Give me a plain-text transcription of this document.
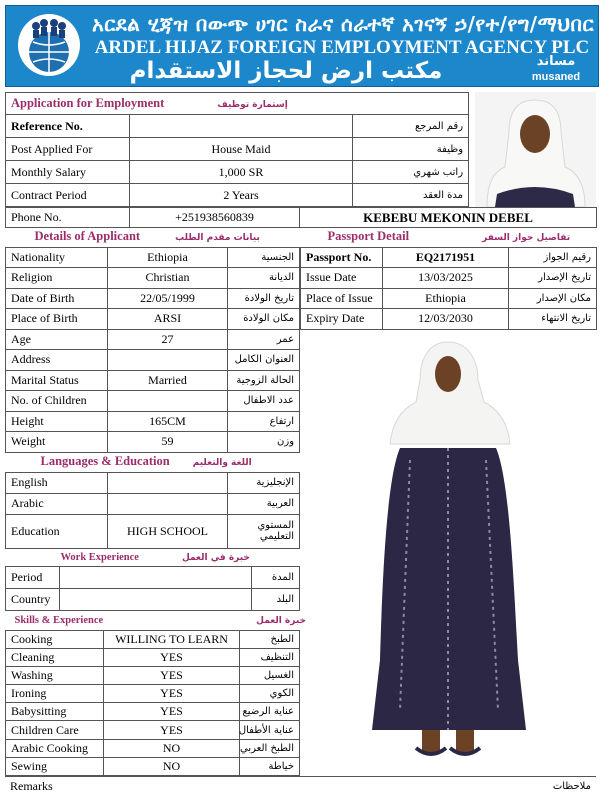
አርደል ሂጃዝ በውጭ ሀገር ስራና ሰራተኛ አገናኝ ኃ/የተ/የግ/ማህበር
ARDEL HIJAZ FOREIGN EMPLOYMENT AGENCY PLC
مكتب ارض لحجاز الاستقدام	مساند
musaned
Application for Employment إستمارة توظيف		
Reference No.		رقم المرجع
Post Applied For	House Maid	وظيفة
Monthly Salary	1,000 SR	راتب شهري
Contract Period	2 Years	مدة العقد
Phone No.	+251938560839	KEBEBU MEKONIN DEBEL
Details of Applicant بيانات مقدم الطلب		
Nationality	Ethiopia	الجنسية
Religion	Christian	الديانة
Date of Birth	22/05/1999	تاريخ الولادة
Place of Birth	ARSI	مكان الولادة
Age	27	عمر
Address		العنوان الكامل
Marital Status	Married	الحالة الزوجية
No. of Children		عدد الاطفال
Height	165CM	ارتفاع
Weight	59	وزن
Passport Detail تفاصيل جواز السفر		
Passport No.	EQ2171951	رقيم الجواز
Issue Date	13/03/2025	تاريخ الإصدار
Place of Issue	Ethiopia	مكان الإصدار
Expiry Date	12/03/2030	تاريخ الانتهاء
Languages & Education اللغة والتعليم		
English		الإنجليزية
Arabic		العربية
Education	HIGH SCHOOL	المستوي التعليمي
Work Experience خبرة في العمل		
Period		المدة
Country		البلد
Skills & Experience خبرة العمل		
Cooking	WILLING TO LEARN	الطبخ
Cleaning	YES	التنظيف
Washing	YES	الغسيل
Ironing	YES	الكوي
Babysitting	YES	عناية الرضيع
Children Care	YES	عناية الأطفال
Arabic Cooking	NO	الطبخ العربي
Sewing	NO	خياطة
Remarks	ملاحظات
